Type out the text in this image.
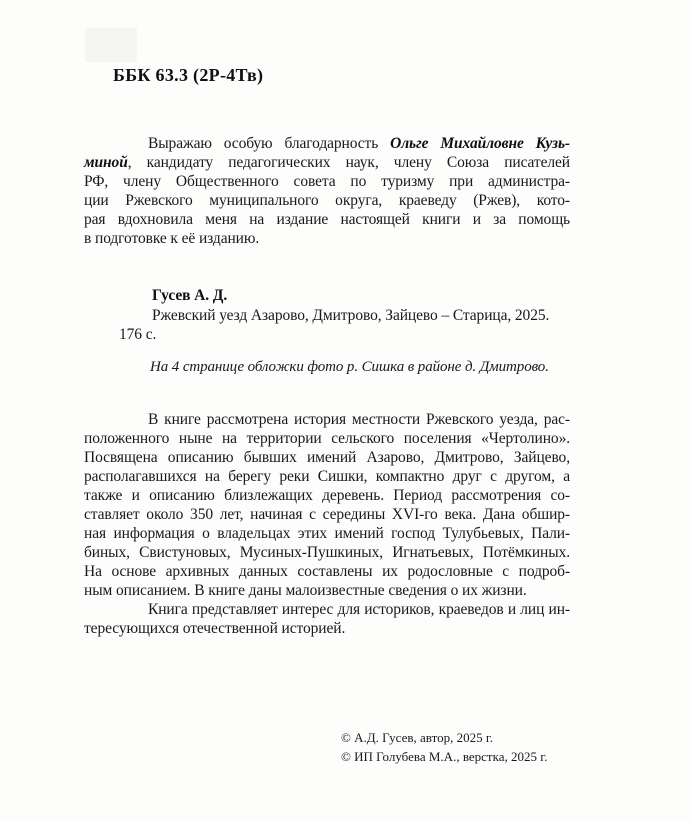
ББК 63.3 (2Р-4Тв)
Выражаю особую благодарность Ольге Михайловне Кузь-
миной, кандидату педагогических наук, члену Союза писателей
РФ, члену Общественного совета по туризму при администра-
ции Ржевского муниципального округа, краеведу (Ржев), кото-
рая вдохновила меня на издание настоящей книги и за помощь
в подготовке к её изданию.
Гусев А. Д.
Ржевский уезд Азарово, Дмитрово, Зайцево – Старица, 2025.
176 с.
На 4 странице обложки фото р. Сишка в районе д. Дмитрово.
В книге рассмотрена история местности Ржевского уезда, рас-
положенного ныне на территории сельского поселения «Чертолино».
Посвящена описанию бывших имений Азарово, Дмитрово, Зайцево,
располагавшихся на берегу реки Сишки, компактно друг с другом, а
также и описанию близлежащих деревень. Период рассмотрения со-
ставляет около 350 лет, начиная с середины XVI-го века. Дана обшир-
ная информация о владельцах этих имений господ Тулубьевых, Пали-
биных, Свистуновых, Мусиных-Пушкиных, Игнатьевых, Потёмкиных.
На основе архивных данных составлены их родословные с подроб-
ным описанием. В книге даны малоизвестные сведения о их жизни.
Книга представляет интерес для историков, краеведов и лиц ин-
тересующихся отечественной историей.
© А.Д. Гусев, автор, 2025 г.
© ИП Голубева М.А., верстка, 2025 г.
